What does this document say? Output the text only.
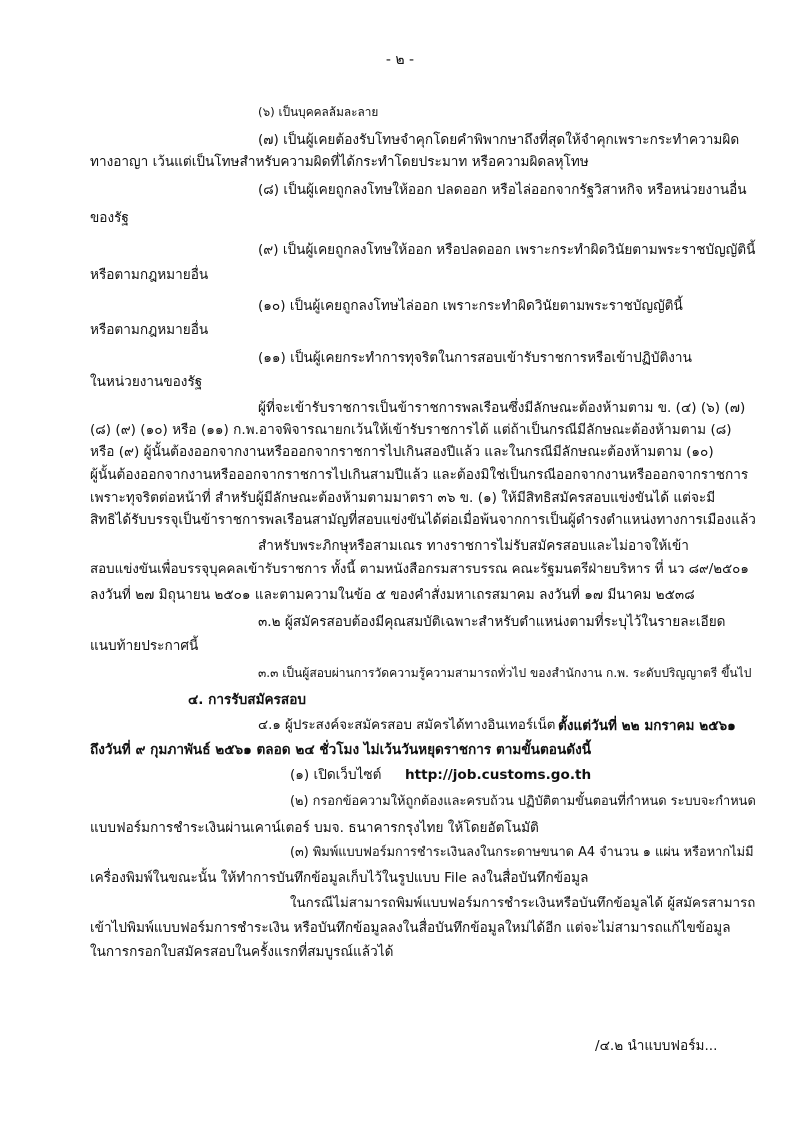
- ๒ -
(๖) เป็นบุคคลล้มละลาย
(๗) เป็นผู้เคยต้องรับโทษจำคุกโดยคำพิพากษาถึงที่สุดให้จำคุกเพราะกระทำความผิด
ทางอาญา เว้นแต่เป็นโทษสำหรับความผิดที่ได้กระทำโดยประมาท หรือความผิดลหุโทษ
(๘) เป็นผู้เคยถูกลงโทษให้ออก ปลดออก หรือไล่ออกจากรัฐวิสาหกิจ หรือหน่วยงานอื่น
ของรัฐ
(๙) เป็นผู้เคยถูกลงโทษให้ออก หรือปลดออก เพราะกระทำผิดวินัยตามพระราชบัญญัตินี้
หรือตามกฎหมายอื่น
(๑๐) เป็นผู้เคยถูกลงโทษไล่ออก เพราะกระทำผิดวินัยตามพระราชบัญญัตินี้
หรือตามกฎหมายอื่น
(๑๑) เป็นผู้เคยกระทำการทุจริตในการสอบเข้ารับราชการหรือเข้าปฏิบัติงาน
ในหน่วยงานของรัฐ
ผู้ที่จะเข้ารับราชการเป็นข้าราชการพลเรือนซึ่งมีลักษณะต้องห้ามตาม ข. (๔) (๖) (๗)
(๘) (๙) (๑๐) หรือ (๑๑) ก.พ.อาจพิจารณายกเว้นให้เข้ารับราชการได้ แต่ถ้าเป็นกรณีมีลักษณะต้องห้ามตาม (๘)
หรือ (๙) ผู้นั้นต้องออกจากงานหรือออกจากราชการไปเกินสองปีแล้ว และในกรณีมีลักษณะต้องห้ามตาม (๑๐)
ผู้นั้นต้องออกจากงานหรือออกจากราชการไปเกินสามปีแล้ว และต้องมิใช่เป็นกรณีออกจากงานหรือออกจากราชการ
เพราะทุจริตต่อหน้าที่ สำหรับผู้มีลักษณะต้องห้ามตามมาตรา ๓๖ ข. (๑) ให้มีสิทธิสมัครสอบแข่งขันได้ แต่จะมี
สิทธิได้รับบรรจุเป็นข้าราชการพลเรือนสามัญที่สอบแข่งขันได้ต่อเมื่อพ้นจากการเป็นผู้ดำรงตำแหน่งทางการเมืองแล้ว
สำหรับพระภิกษุหรือสามเณร ทางราชการไม่รับสมัครสอบและไม่อาจให้เข้า
สอบแข่งขันเพื่อบรรจุบุคคลเข้ารับราชการ ทั้งนี้ ตามหนังสือกรมสารบรรณ คณะรัฐมนตรีฝ่ายบริหาร ที่ นว ๘๙/๒๕๐๑
ลงวันที่ ๒๗ มิถุนายน ๒๕๐๑ และตามความในข้อ ๕ ของคำสั่งมหาเถรสมาคม ลงวันที่ ๑๗ มีนาคม ๒๕๓๘
๓.๒ ผู้สมัครสอบต้องมีคุณสมบัติเฉพาะสำหรับตำแหน่งตามที่ระบุไว้ในรายละเอียด
แนบท้ายประกาศนี้
๓.๓ เป็นผู้สอบผ่านการวัดความรู้ความสามารถทั่วไป ของสำนักงาน ก.พ. ระดับปริญญาตรี ขึ้นไป
๔. การรับสมัครสอบ
๔.๑ ผู้ประสงค์จะสมัครสอบ สมัครได้ทางอินเทอร์เน็ต ตั้งแต่วันที่ ๒๒ มกราคม ๒๕๖๑
ถึงวันที่ ๙ กุมภาพันธ์ ๒๕๖๑ ตลอด ๒๔ ชั่วโมง ไม่เว้นวันหยุดราชการ ตามขั้นตอนดังนี้
(๑) เปิดเว็บไซต์	http://job.customs.go.th
(๒) กรอกข้อความให้ถูกต้องและครบถ้วน ปฏิบัติตามขั้นตอนที่กำหนด ระบบจะกำหนด
แบบฟอร์มการชำระเงินผ่านเคาน์เตอร์ บมจ. ธนาคารกรุงไทย ให้โดยอัตโนมัติ
(๓) พิมพ์แบบฟอร์มการชำระเงินลงในกระดาษขนาด A4 จำนวน ๑ แผ่น หรือหากไม่มี
เครื่องพิมพ์ในขณะนั้น ให้ทำการบันทึกข้อมูลเก็บไว้ในรูปแบบ File ลงในสื่อบันทึกข้อมูล
ในกรณีไม่สามารถพิมพ์แบบฟอร์มการชำระเงินหรือบันทึกข้อมูลได้ ผู้สมัครสามารถ
เข้าไปพิมพ์แบบฟอร์มการชำระเงิน หรือบันทึกข้อมูลลงในสื่อบันทึกข้อมูลใหม่ได้อีก แต่จะไม่สามารถแก้ไขข้อมูล
ในการกรอกใบสมัครสอบในครั้งแรกที่สมบูรณ์แล้วได้
/๔.๒ นำแบบฟอร์ม...
